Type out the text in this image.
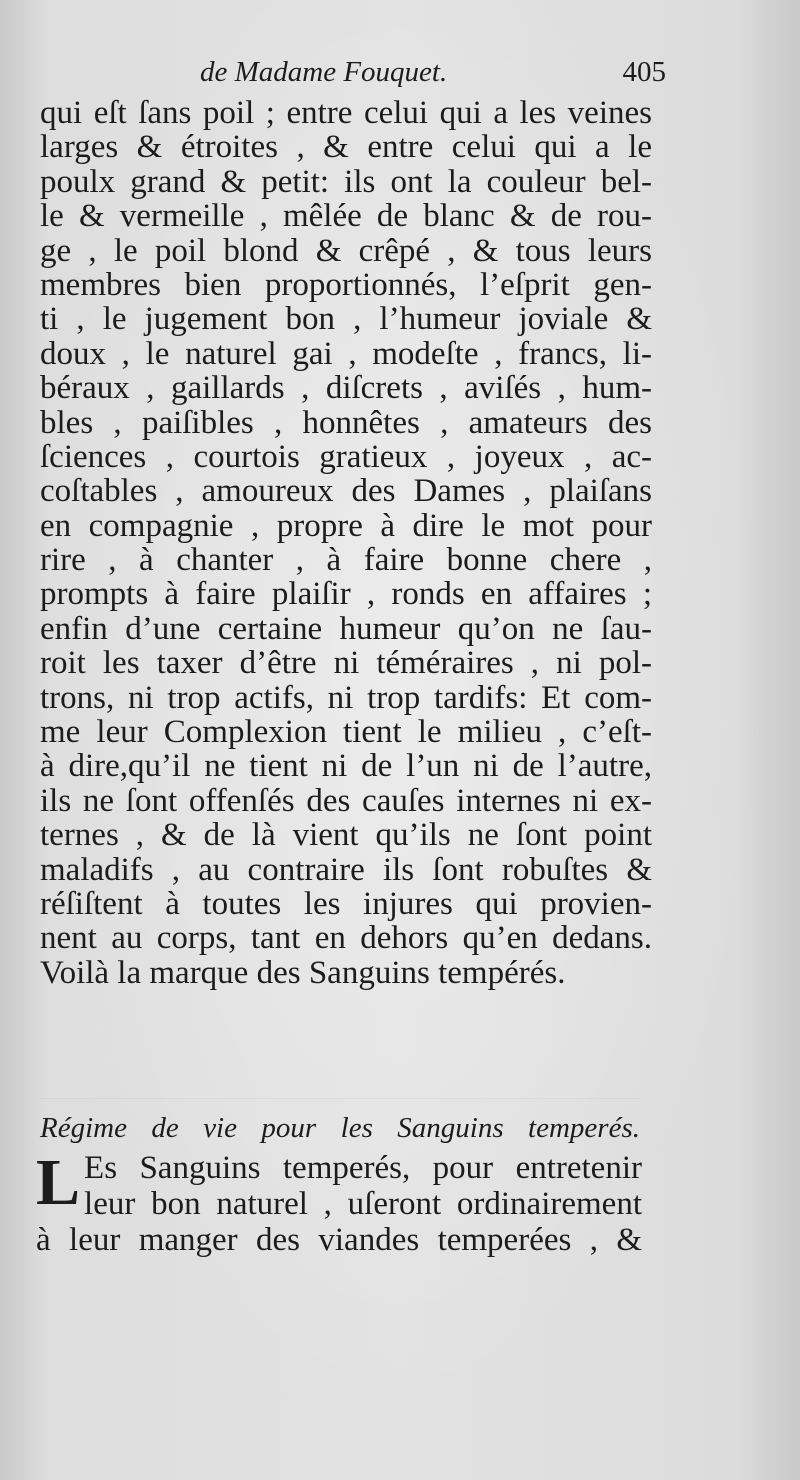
de Madame Fouquet.	405
qui eſt ſans poil ; entre celui qui a les veines
larges & étroites , & entre celui qui a le
poulx grand & petit: ils ont la couleur bel-
le & vermeille , mêlée de blanc & de rou-
ge , le poil blond & crêpé , & tous leurs
membres bien proportionnés, l’eſprit gen-
ti , le jugement bon , l’humeur joviale &
doux , le naturel gai , modeſte , francs, li-
béraux , gaillards , diſcrets , aviſés , hum-
bles , paiſibles , honnêtes , amateurs des
ſciences , courtois gratieux , joyeux , ac-
coſtables , amoureux des Dames , plaiſans
en compagnie , propre à dire le mot pour
rire , à chanter , à faire bonne chere ,
prompts à faire plaiſir , ronds en affaires ;
enfin d’une certaine humeur qu’on ne ſau-
roit les taxer d’être ni téméraires , ni pol-
trons, ni trop actifs, ni trop tardifs: Et com-
me leur Complexion tient le milieu , c’eſt-
à dire,qu’il ne tient ni de l’un ni de l’autre,
ils ne ſont offenſés des cauſes internes ni ex-
ternes , & de là vient qu’ils ne ſont point
maladifs , au contraire ils ſont robuſtes &
réſiſtent à toutes les injures qui provien-
nent au corps, tant en dehors qu’en dedans.
Voilà la marque des Sanguins tempérés.
Régime de vie pour les Sanguins temperés.
L Es Sanguins temperés, pour entretenir
leur bon naturel , uſeront ordinairement
à leur manger des viandes temperées , &
